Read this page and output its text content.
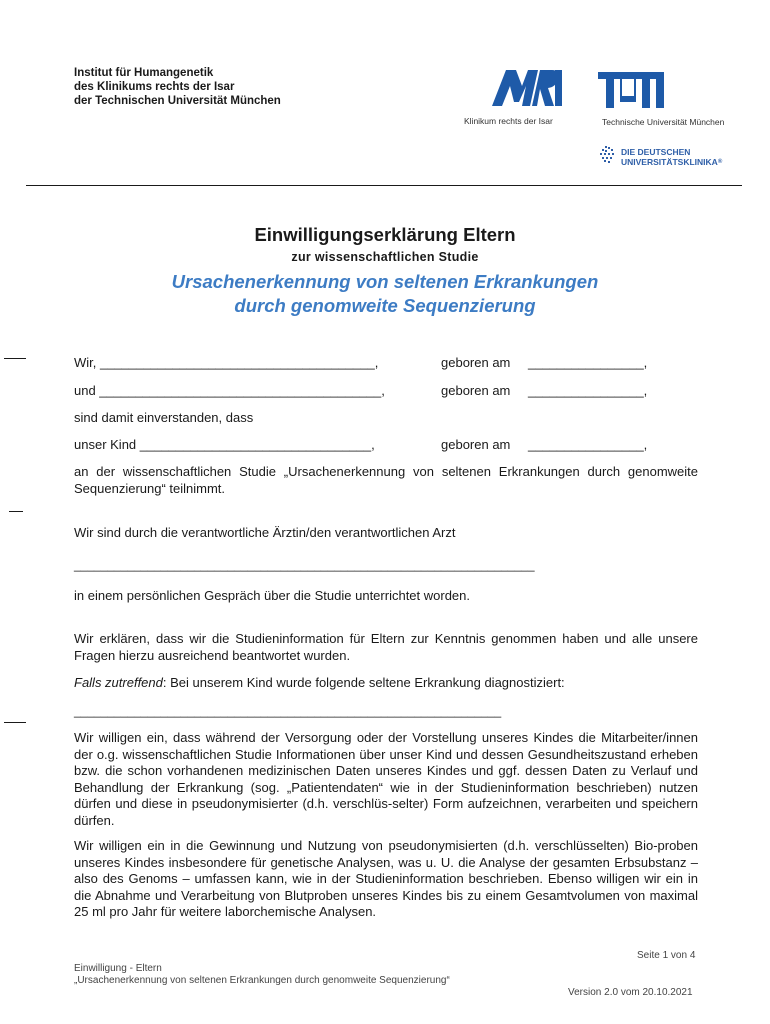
Institut für Humangenetik
des Klinikums rechts der Isar
der Technischen Universität München
Klinikum rechts der Isar	Technische Universität München
DIE DEUTSCHEN
UNIVERSITÄTSKLINIKA®
Einwilligungserklärung Eltern
zur wissenschaftlichen Studie
Ursachenerkennung von seltenen Erkrankungen
durch genomweite Sequenzierung
Wir, ______________________________________,	geboren am ________________,
und _______________________________________,	geboren am ________________,
sind damit einverstanden, dass
unser Kind ________________________________,	geboren am ________________,
an der wissenschaftlichen Studie „Ursachenerkennung von seltenen Erkrankungen durch genomweite Sequenzierung“ teilnimmt.
Wir sind durch die verantwortliche Ärztin/den verantwortlichen Arzt
_____________________________________________________________________
in einem persönlichen Gespräch über die Studie unterrichtet worden.
Wir erklären, dass wir die Studieninformation für Eltern zur Kenntnis genommen haben und alle unsere Fragen hierzu ausreichend beantwortet wurden.
Falls zutreffend: Bei unserem Kind wurde folgende seltene Erkrankung diagnostiziert:
________________________________________________________________
Wir willigen ein, dass während der Versorgung oder der Vorstellung unseres Kindes die Mitarbeiter/innen der o.g. wissenschaftlichen Studie Informationen über unser Kind und dessen Gesundheitszustand erheben bzw. die schon vorhandenen medizinischen Daten unseres Kindes und ggf. dessen Daten zu Verlauf und Behandlung der Erkrankung (sog. „Patientendaten“ wie in der Studieninformation beschrieben) nutzen dürfen und diese in pseudonymisierter (d.h. verschlüs-selter) Form aufzeichnen, verarbeiten und speichern dürfen.
Wir willigen ein in die Gewinnung und Nutzung von pseudonymisierten (d.h. verschlüsselten) Bio-proben unseres Kindes insbesondere für genetische Analysen, was u. U. die Analyse der gesamten Erbsubstanz – also des Genoms – umfassen kann, wie in der Studieninformation beschrieben. Ebenso willigen wir ein in die Abnahme und Verarbeitung von Blutproben unseres Kindes bis zu einem Gesamtvolumen von maximal 25 ml pro Jahr für weitere laborchemische Analysen.
Seite 1 von 4
Einwilligung - Eltern
„Ursachenerkennung von seltenen Erkrankungen durch genomweite Sequenzierung“
Version 2.0 vom 20.10.2021
